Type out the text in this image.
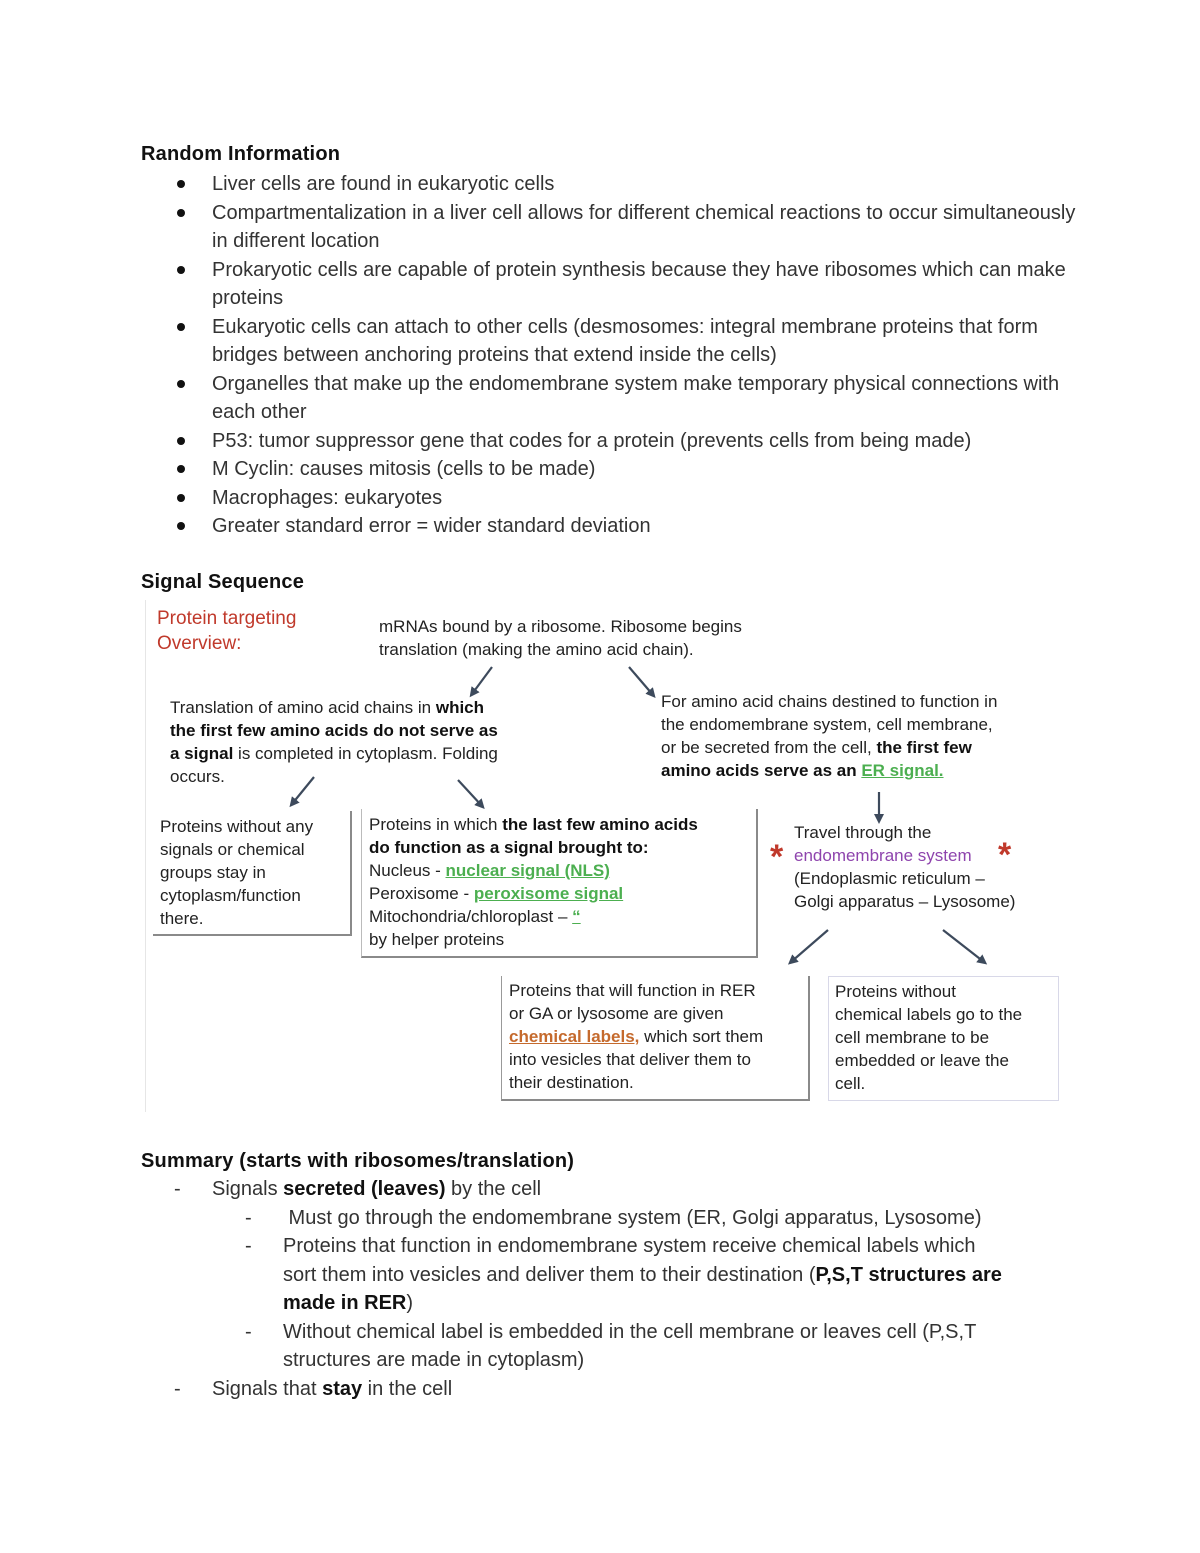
Random Information
Liver cells are found in eukaryotic cells
Compartmentalization in a liver cell allows for different chemical reactions to occur simultaneously in different location
Prokaryotic cells are capable of protein synthesis because they have ribosomes which can make proteins
Eukaryotic cells can attach to other cells (desmosomes: integral membrane proteins that form bridges between anchoring proteins that extend inside the cells)
Organelles that make up the endomembrane system make temporary physical connections with each other
P53: tumor suppressor gene that codes for a protein (prevents cells from being made)
M Cyclin: causes mitosis (cells to be made)
Macrophages: eukaryotes
Greater standard error = wider standard deviation
Signal Sequence
Protein targeting
Overview:
mRNAs bound by a ribosome. Ribosome begins
translation (making the amino acid chain).
Translation of amino acid chains in which
the first few amino acids do not serve as
a signal is completed in cytoplasm. Folding
occurs.
For amino acid chains destined to function in
the endomembrane system, cell membrane,
or be secreted from the cell, the first few
amino acids serve as an ER signal.
Proteins without any
signals or chemical
groups stay in
cytoplasm/function
there.
Proteins in which the last few amino acids
do function as a signal brought to:
Nucleus - nuclear signal (NLS)
Peroxisome - peroxisome signal
Mitochondria/chloroplast – “
by helper proteins
*
Travel through the
endomembrane system
(Endoplasmic reticulum –
Golgi apparatus – Lysosome)
*
Proteins that will function in RER
or GA or lysosome are given
chemical labels, which sort them
into vesicles that deliver them to
their destination.
Proteins without
chemical labels go to the
cell membrane to be
embedded or leave the
cell.
Summary (starts with ribosomes/translation)
- Signals secreted (leaves) by the cell
- Must go through the endomembrane system (ER, Golgi apparatus, Lysosome)
- Proteins that function in endomembrane system receive chemical labels which
sort them into vesicles and deliver them to their destination (P,S,T structures are
made in RER)
- Without chemical label is embedded in the cell membrane or leaves cell (P,S,T
structures are made in cytoplasm)
- Signals that stay in the cell
